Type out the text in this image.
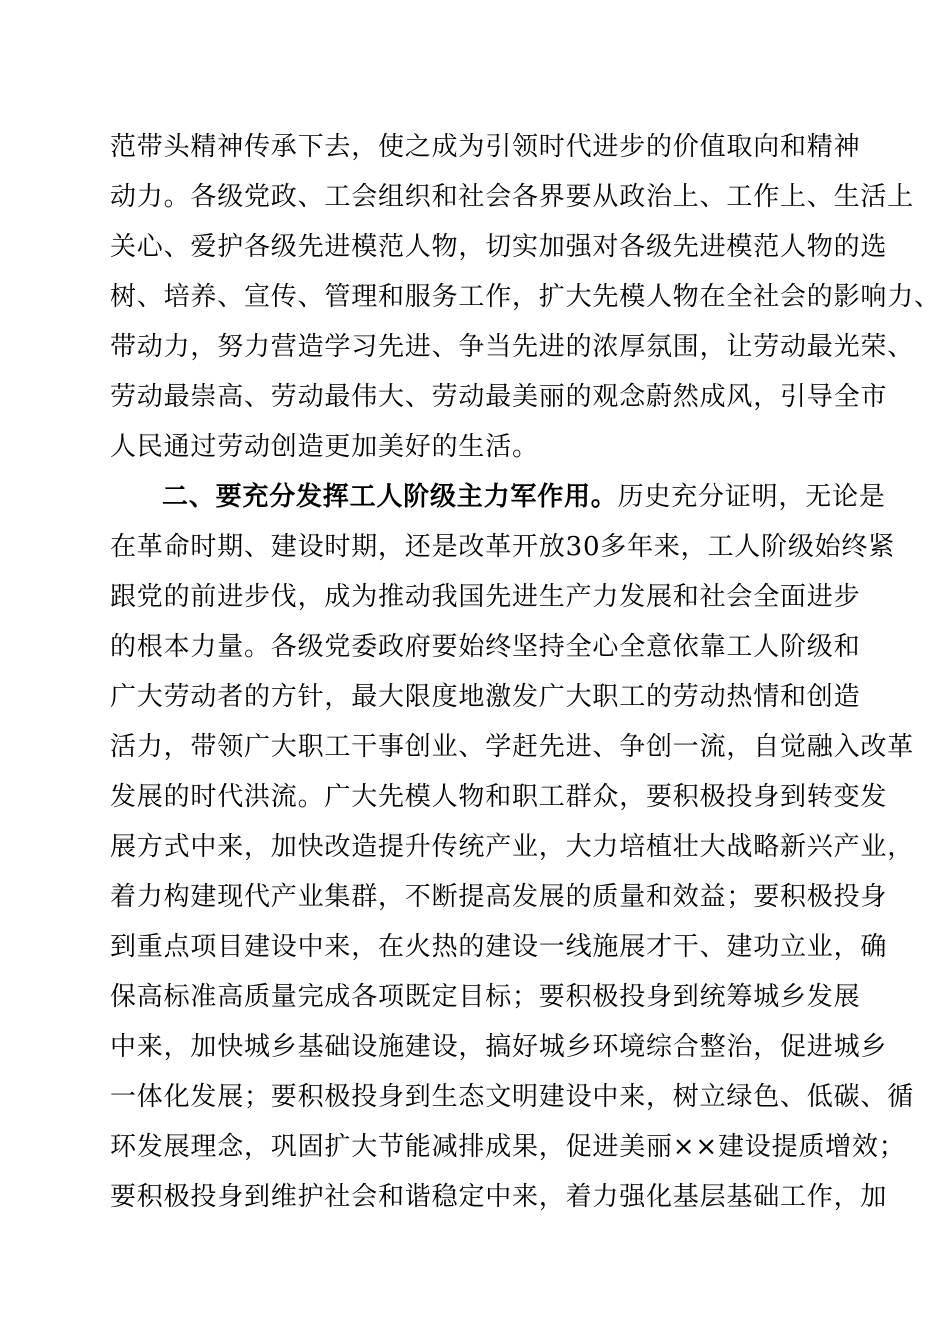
范带头精神传承下去，使之成为引领时代进步的价值取向和精神
动力。各级党政、工会组织和社会各界要从政治上、工作上、生活上
关心、爱护各级先进模范人物，切实加强对各级先进模范人物的选
树、培养、宣传、管理和服务工作，扩大先模人物在全社会的影响力、
带动力，努力营造学习先进、争当先进的浓厚氛围，让劳动最光荣、
劳动最崇高、劳动最伟大、劳动最美丽的观念蔚然成风，引导全市
人民通过劳动创造更加美好的生活。
二、要充分发挥工人阶级主力军作用。历史充分证明，无论是
在革命时期、建设时期，还是改革开放30多年来，工人阶级始终紧
跟党的前进步伐，成为推动我国先进生产力发展和社会全面进步
的根本力量。各级党委政府要始终坚持全心全意依靠工人阶级和
广大劳动者的方针，最大限度地激发广大职工的劳动热情和创造
活力，带领广大职工干事创业、学赶先进、争创一流，自觉融入改革
发展的时代洪流。广大先模人物和职工群众，要积极投身到转变发
展方式中来，加快改造提升传统产业，大力培植壮大战略新兴产业，
着力构建现代产业集群，不断提高发展的质量和效益；要积极投身
到重点项目建设中来，在火热的建设一线施展才干、建功立业，确
保高标准高质量完成各项既定目标；要积极投身到统筹城乡发展
中来，加快城乡基础设施建设，搞好城乡环境综合整治，促进城乡
一体化发展；要积极投身到生态文明建设中来，树立绿色、低碳、循
环发展理念，巩固扩大节能减排成果，促进美丽××建设提质增效；
要积极投身到维护社会和谐稳定中来，着力强化基层基础工作，加
